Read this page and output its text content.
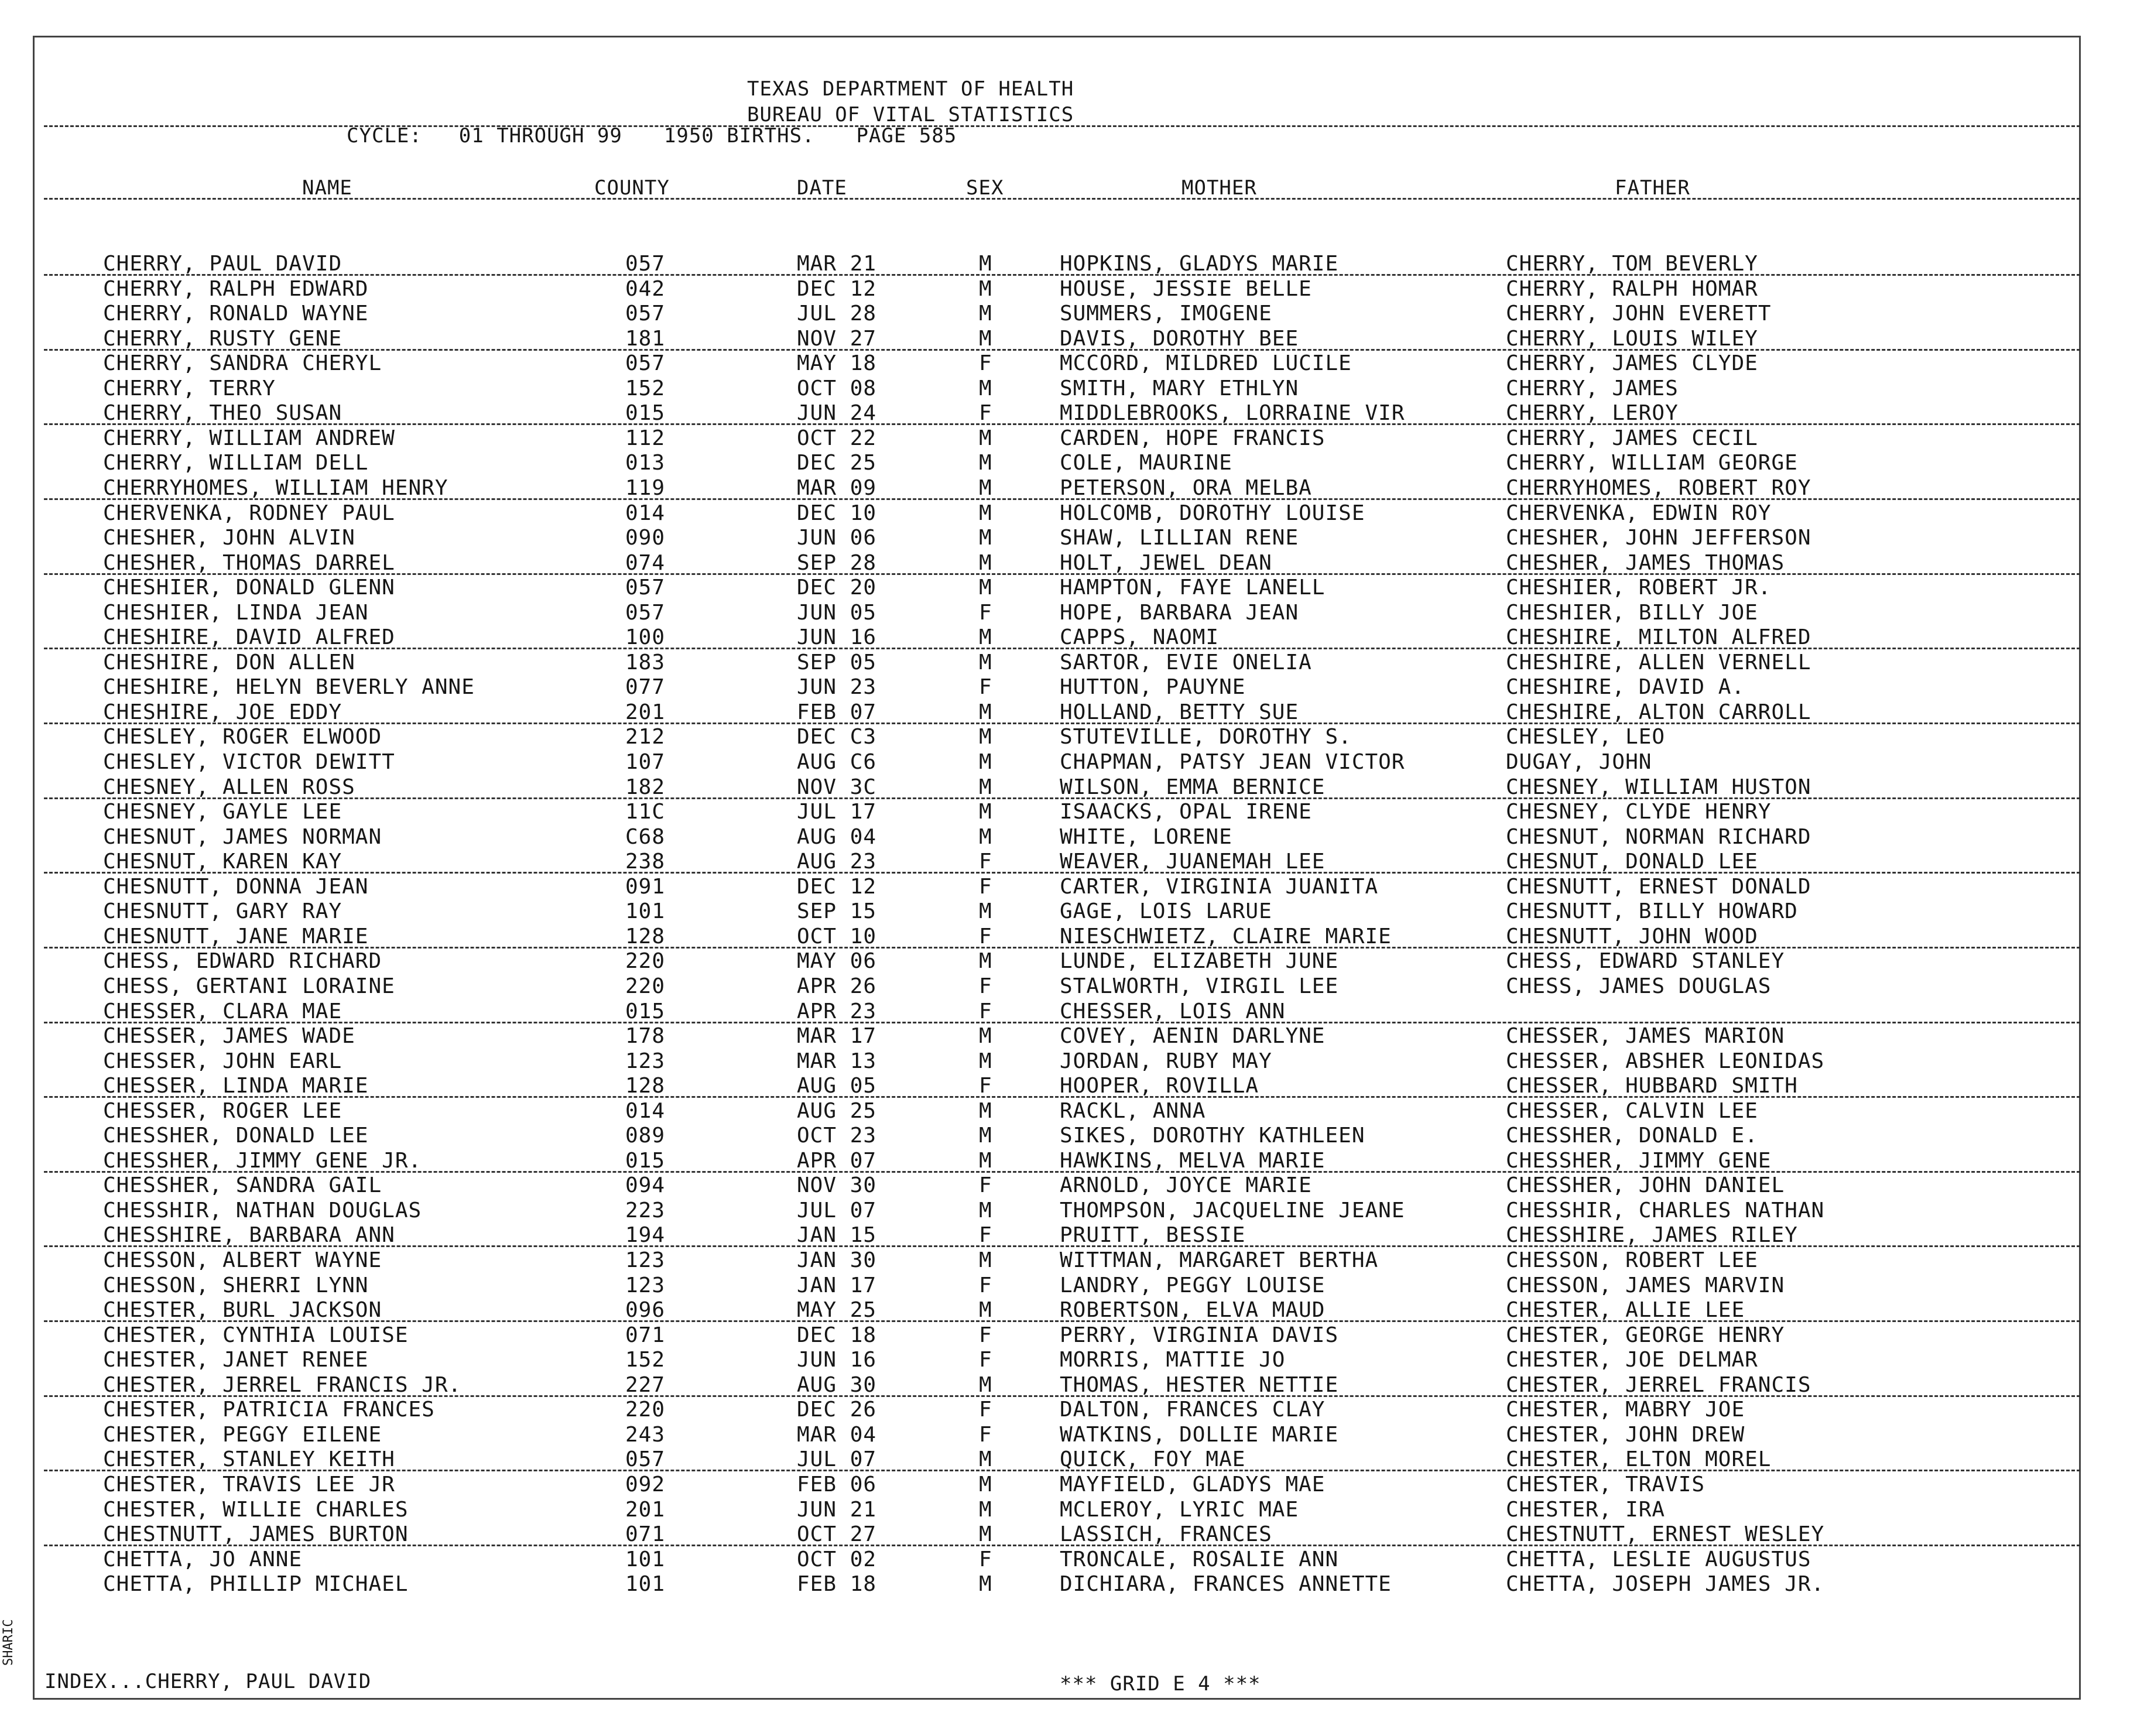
TEXAS DEPARTMENT OF HEALTH
BUREAU OF VITAL STATISTICS
CYCLE: 01 THROUGH 99 1950 BIRTHS. PAGE 585
NAME	COUNTY	DATE	SEX	MOTHER	FATHER
CHERRY, PAUL DAVID	057	MAR 21	M	HOPKINS, GLADYS MARIE	CHERRY, TOM BEVERLY
CHERRY, RALPH EDWARD	042	DEC 12	M	HOUSE, JESSIE BELLE	CHERRY, RALPH HOMAR
CHERRY, RONALD WAYNE	057	JUL 28	M	SUMMERS, IMOGENE	CHERRY, JOHN EVERETT
CHERRY, RUSTY GENE	181	NOV 27	M	DAVIS, DOROTHY BEE	CHERRY, LOUIS WILEY
CHERRY, SANDRA CHERYL	057	MAY 18	F	MCCORD, MILDRED LUCILE	CHERRY, JAMES CLYDE
CHERRY, TERRY	152	OCT 08	M	SMITH, MARY ETHLYN	CHERRY, JAMES
CHERRY, THEO SUSAN	015	JUN 24	F	MIDDLEBROOKS, LORRAINE VIR	CHERRY, LEROY
CHERRY, WILLIAM ANDREW	112	OCT 22	M	CARDEN, HOPE FRANCIS	CHERRY, JAMES CECIL
CHERRY, WILLIAM DELL	013	DEC 25	M	COLE, MAURINE	CHERRY, WILLIAM GEORGE
CHERRYHOMES, WILLIAM HENRY	119	MAR 09	M	PETERSON, ORA MELBA	CHERRYHOMES, ROBERT ROY
CHERVENKA, RODNEY PAUL	014	DEC 10	M	HOLCOMB, DOROTHY LOUISE	CHERVENKA, EDWIN ROY
CHESHER, JOHN ALVIN	090	JUN 06	M	SHAW, LILLIAN RENE	CHESHER, JOHN JEFFERSON
CHESHER, THOMAS DARREL	074	SEP 28	M	HOLT, JEWEL DEAN	CHESHER, JAMES THOMAS
CHESHIER, DONALD GLENN	057	DEC 20	M	HAMPTON, FAYE LANELL	CHESHIER, ROBERT JR.
CHESHIER, LINDA JEAN	057	JUN 05	F	HOPE, BARBARA JEAN	CHESHIER, BILLY JOE
CHESHIRE, DAVID ALFRED	100	JUN 16	M	CAPPS, NAOMI	CHESHIRE, MILTON ALFRED
CHESHIRE, DON ALLEN	183	SEP 05	M	SARTOR, EVIE ONELIA	CHESHIRE, ALLEN VERNELL
CHESHIRE, HELYN BEVERLY ANNE	077	JUN 23	F	HUTTON, PAUYNE	CHESHIRE, DAVID A.
CHESHIRE, JOE EDDY	201	FEB 07	M	HOLLAND, BETTY SUE	CHESHIRE, ALTON CARROLL
CHESLEY, ROGER ELWOOD	212	DEC C3	M	STUTEVILLE, DOROTHY S.	CHESLEY, LEO
CHESLEY, VICTOR DEWITT	107	AUG C6	M	CHAPMAN, PATSY JEAN VICTOR	DUGAY, JOHN
CHESNEY, ALLEN ROSS	182	NOV 3C	M	WILSON, EMMA BERNICE	CHESNEY, WILLIAM HUSTON
CHESNEY, GAYLE LEE	11C	JUL 17	M	ISAACKS, OPAL IRENE	CHESNEY, CLYDE HENRY
CHESNUT, JAMES NORMAN	C68	AUG 04	M	WHITE, LORENE	CHESNUT, NORMAN RICHARD
CHESNUT, KAREN KAY	238	AUG 23	F	WEAVER, JUANEMAH LEE	CHESNUT, DONALD LEE
CHESNUTT, DONNA JEAN	091	DEC 12	F	CARTER, VIRGINIA JUANITA	CHESNUTT, ERNEST DONALD
CHESNUTT, GARY RAY	101	SEP 15	M	GAGE, LOIS LARUE	CHESNUTT, BILLY HOWARD
CHESNUTT, JANE MARIE	128	OCT 10	F	NIESCHWIETZ, CLAIRE MARIE	CHESNUTT, JOHN WOOD
CHESS, EDWARD RICHARD	220	MAY 06	M	LUNDE, ELIZABETH JUNE	CHESS, EDWARD STANLEY
CHESS, GERTANI LORAINE	220	APR 26	F	STALWORTH, VIRGIL LEE	CHESS, JAMES DOUGLAS
CHESSER, CLARA MAE	015	APR 23	F	CHESSER, LOIS ANN
CHESSER, JAMES WADE	178	MAR 17	M	COVEY, AENIN DARLYNE	CHESSER, JAMES MARION
CHESSER, JOHN EARL	123	MAR 13	M	JORDAN, RUBY MAY	CHESSER, ABSHER LEONIDAS
CHESSER, LINDA MARIE	128	AUG 05	F	HOOPER, ROVILLA	CHESSER, HUBBARD SMITH
CHESSER, ROGER LEE	014	AUG 25	M	RACKL, ANNA	CHESSER, CALVIN LEE
CHESSHER, DONALD LEE	089	OCT 23	M	SIKES, DOROTHY KATHLEEN	CHESSHER, DONALD E.
CHESSHER, JIMMY GENE JR.	015	APR 07	M	HAWKINS, MELVA MARIE	CHESSHER, JIMMY GENE
CHESSHER, SANDRA GAIL	094	NOV 30	F	ARNOLD, JOYCE MARIE	CHESSHER, JOHN DANIEL
CHESSHIR, NATHAN DOUGLAS	223	JUL 07	M	THOMPSON, JACQUELINE JEANE	CHESSHIR, CHARLES NATHAN
CHESSHIRE, BARBARA ANN	194	JAN 15	F	PRUITT, BESSIE	CHESSHIRE, JAMES RILEY
CHESSON, ALBERT WAYNE	123	JAN 30	M	WITTMAN, MARGARET BERTHA	CHESSON, ROBERT LEE
CHESSON, SHERRI LYNN	123	JAN 17	F	LANDRY, PEGGY LOUISE	CHESSON, JAMES MARVIN
CHESTER, BURL JACKSON	096	MAY 25	M	ROBERTSON, ELVA MAUD	CHESTER, ALLIE LEE
CHESTER, CYNTHIA LOUISE	071	DEC 18	F	PERRY, VIRGINIA DAVIS	CHESTER, GEORGE HENRY
CHESTER, JANET RENEE	152	JUN 16	F	MORRIS, MATTIE JO	CHESTER, JOE DELMAR
CHESTER, JERREL FRANCIS JR.	227	AUG 30	M	THOMAS, HESTER NETTIE	CHESTER, JERREL FRANCIS
CHESTER, PATRICIA FRANCES	220	DEC 26	F	DALTON, FRANCES CLAY	CHESTER, MABRY JOE
CHESTER, PEGGY EILENE	243	MAR 04	F	WATKINS, DOLLIE MARIE	CHESTER, JOHN DREW
CHESTER, STANLEY KEITH	057	JUL 07	M	QUICK, FOY MAE	CHESTER, ELTON MOREL
CHESTER, TRAVIS LEE JR	092	FEB 06	M	MAYFIELD, GLADYS MAE	CHESTER, TRAVIS
CHESTER, WILLIE CHARLES	201	JUN 21	M	MCLEROY, LYRIC MAE	CHESTER, IRA
CHESTNUTT, JAMES BURTON	071	OCT 27	M	LASSICH, FRANCES	CHESTNUTT, ERNEST WESLEY
CHETTA, JO ANNE	101	OCT 02	F	TRONCALE, ROSALIE ANN	CHETTA, LESLIE AUGUSTUS
CHETTA, PHILLIP MICHAEL	101	FEB 18	M	DICHIARA, FRANCES ANNETTE	CHETTA, JOSEPH JAMES JR.
INDEX...CHERRY, PAUL DAVID	*** GRID E 4 ***
SHARIC
